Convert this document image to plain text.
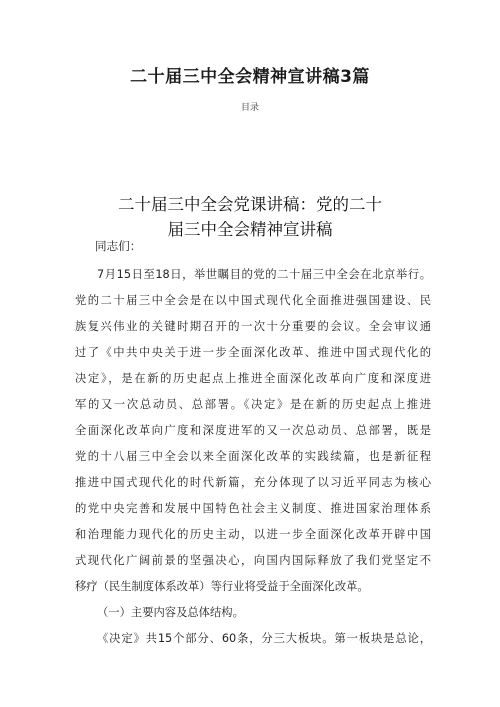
二十届三中全会精神宣讲稿3篇
目录
二十届三中全会党课讲稿：党的二十
届三中全会精神宣讲稿
同志们：
7月15日至18日，举世瞩目的党的二十届三中全会在北京举行。
党的二十届三中全会是在以中国式现代化全面推进强国建设、民
族复兴伟业的关键时期召开的一次十分重要的会议。全会审议通
过了《中共中央关于进一步全面深化改革、推进中国式现代化的
决定》，是在新的历史起点上推进全面深化改革向广度和深度进
军的又一次总动员、总部署。《决定》是在新的历史起点上推进
全面深化改革向广度和深度进军的又一次总动员、总部署，既是
党的十八届三中全会以来全面深化改革的实践续篇，也是新征程
推进中国式现代化的时代新篇，充分体现了以习近平同志为核心
的党中央完善和发展中国特色社会主义制度、推进国家治理体系
和治理能力现代化的历史主动，以进一步全面深化改革开辟中国
式现代化广阔前景的坚强决心，向国内国际释放了我们党坚定不
移疗（民生制度体系改革）等行业将受益于全面深化改革。
（一）主要内容及总体结构。
《决定》共15个部分、60条，分三大板块。第一板块是总论，
